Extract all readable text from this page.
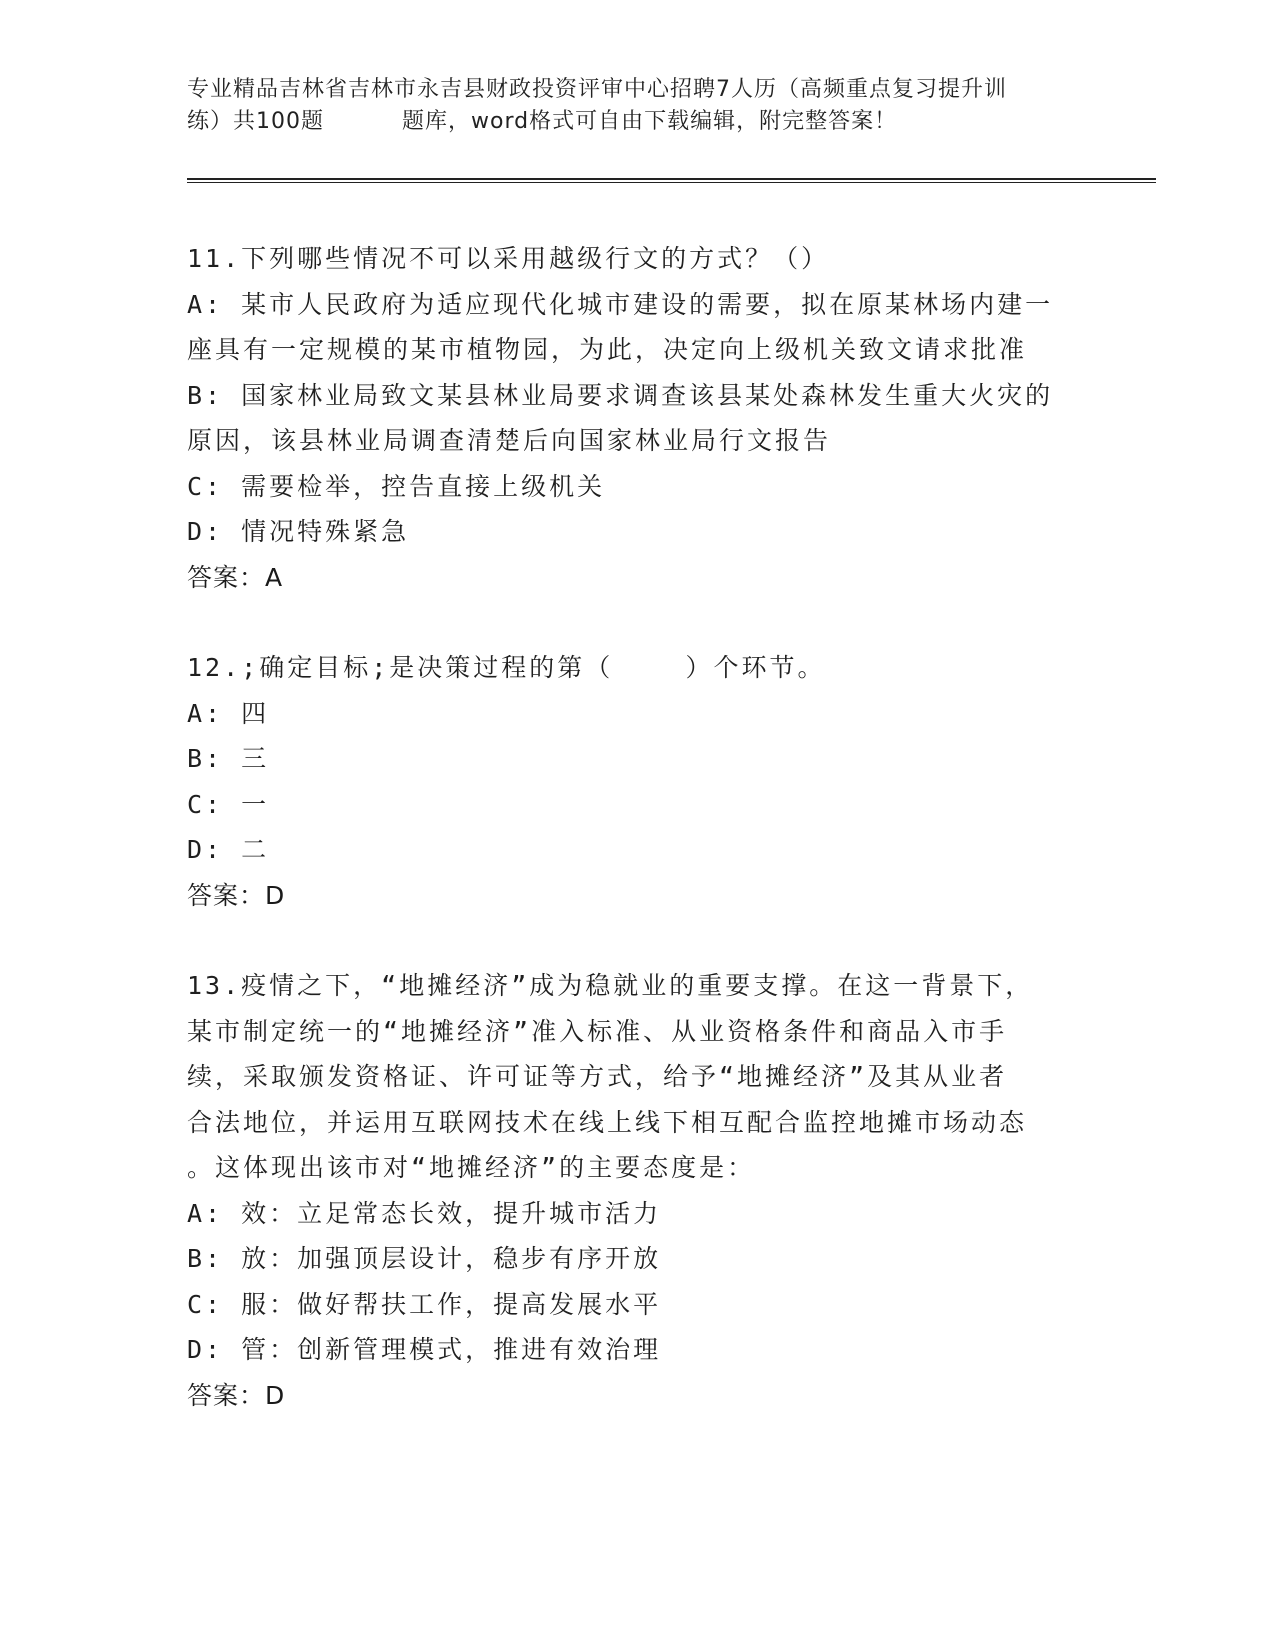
专业精品吉林省吉林市永吉县财政投资评审中心招聘7人历（高频重点复习提升训
练）共100题	题库，word格式可自由下载编辑，附完整答案！
11.下列哪些情况不可以采用越级行文的方式？（）
A: 某市人民政府为适应现代化城市建设的需要，拟在原某林场内建一
座具有一定规模的某市植物园，为此，决定向上级机关致文请求批准
B: 国家林业局致文某县林业局要求调查该县某处森林发生重大火灾的
原因，该县林业局调查清楚后向国家林业局行文报告
C: 需要检举，控告直接上级机关
D: 情况特殊紧急
答案：A
12.;确定目标;是决策过程的第（    ）个环节。
A: 四
B: 三
C: 一
D: 二
答案：D
13.疫情之下，“地摊经济”成为稳就业的重要支撑。在这一背景下，
某市制定统一的“地摊经济”准入标准、从业资格条件和商品入市手
续，采取颁发资格证、许可证等方式，给予“地摊经济”及其从业者
合法地位，并运用互联网技术在线上线下相互配合监控地摊市场动态
。这体现出该市对“地摊经济”的主要态度是：
A: 效：立足常态长效，提升城市活力
B: 放：加强顶层设计，稳步有序开放
C: 服：做好帮扶工作，提高发展水平
D: 管：创新管理模式，推进有效治理
答案：D
